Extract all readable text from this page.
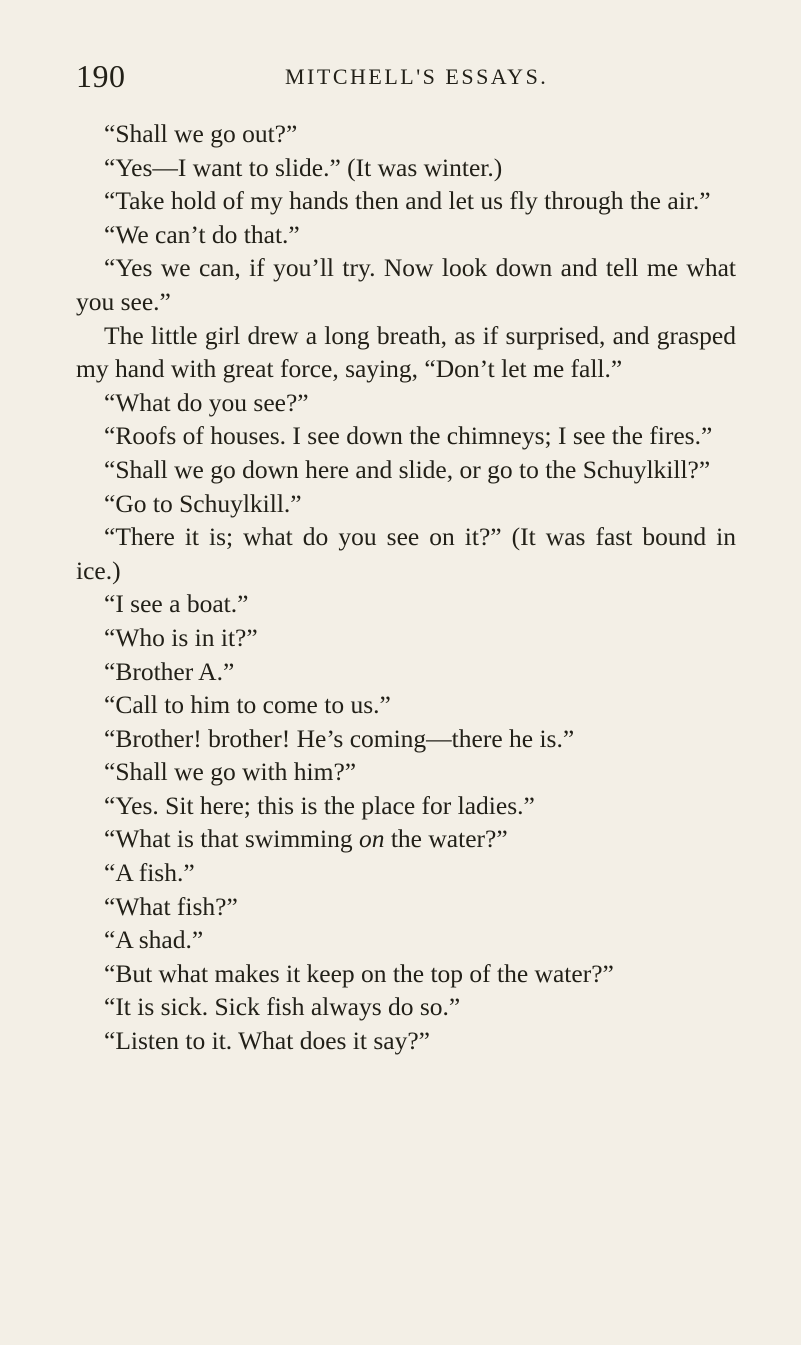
190	MITCHELL'S ESSAYS.

“Shall we go out?”

“Yes—I want to slide.” (It was winter.)

“Take hold of my hands then and let us fly through the air.”

“We can’t do that.”

“Yes we can, if you’ll try. Now look down and tell me what you see.”

The little girl drew a long breath, as if surprised, and grasped my hand with great force, saying, “Don’t let me fall.”

“What do you see?”

“Roofs of houses. I see down the chimneys; I see the fires.”

“Shall we go down here and slide, or go to the Schuylkill?”

“Go to Schuylkill.”

“There it is; what do you see on it?” (It was fast bound in ice.)

“I see a boat.”

“Who is in it?”

“Brother A.”

“Call to him to come to us.”

“Brother! brother! He’s coming—there he is.”

“Shall we go with him?”

“Yes. Sit here; this is the place for ladies.”

“What is that swimming on the water?”

“A fish.”

“What fish?”

“A shad.”

“But what makes it keep on the top of the water?”

“It is sick. Sick fish always do so.”

“Listen to it. What does it say?”
